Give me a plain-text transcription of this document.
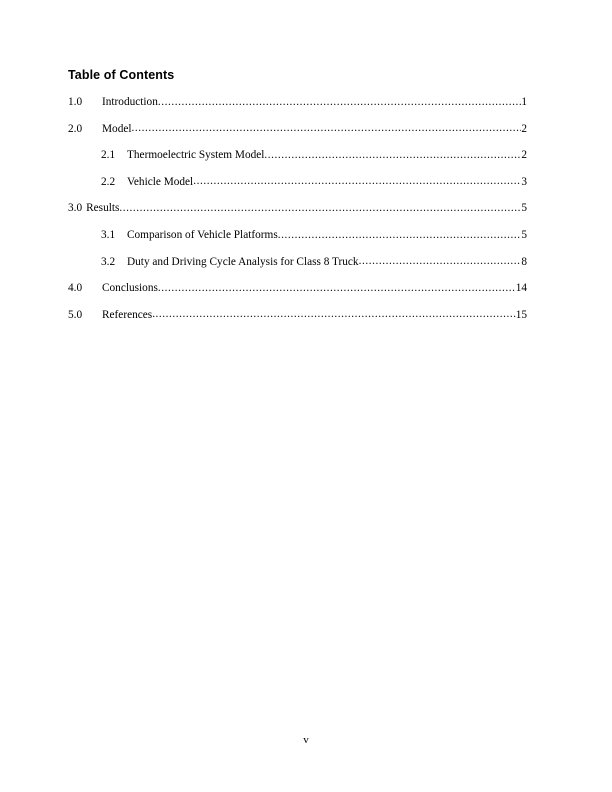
Table of Contents
1.0	Introduction .....	1
2.0	Model .....	2
2.1	Thermoelectric System Model .....	2
2.2	Vehicle Model .....	3
3.0 Results .....	5
3.1	Comparison of Vehicle Platforms .....	5
3.2	Duty and Driving Cycle Analysis for Class 8 Truck .....	8
4.0	Conclusions .....	14
5.0	References .....	15
v
